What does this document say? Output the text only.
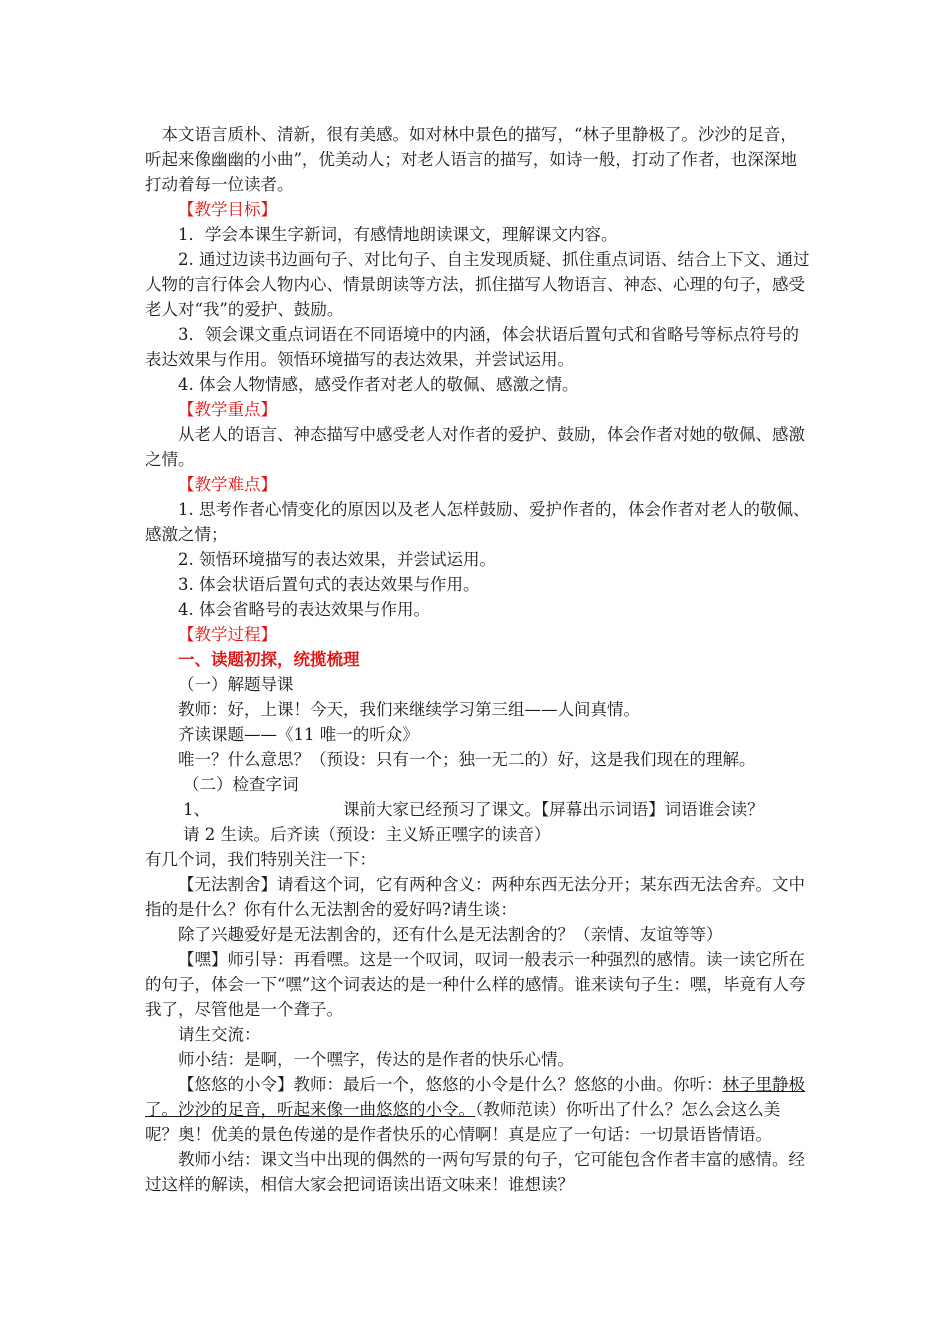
本文语言质朴、清新，很有美感。如对林中景色的描写，“林子里静极了。沙沙的足音，听起来像幽幽的小曲”，优美动人；对老人语言的描写，如诗一般，打动了作者，也深深地打动着每一位读者。

【教学目标】

1．学会本课生字新词，有感情地朗读课文，理解课文内容。

2. 通过边读书边画句子、对比句子、自主发现质疑、抓住重点词语、结合上下文、通过人物的言行体会人物内心、情景朗读等方法，抓住描写人物语言、神态、心理的句子，感受老人对“我”的爱护、鼓励。

3．领会课文重点词语在不同语境中的内涵，体会状语后置句式和省略号等标点符号的表达效果与作用。领悟环境描写的表达效果，并尝试运用。

4. 体会人物情感，感受作者对老人的敬佩、感激之情。

【教学重点】

从老人的语言、神态描写中感受老人对作者的爱护、鼓励，体会作者对她的敬佩、感激之情。

【教学难点】

1. 思考作者心情变化的原因以及老人怎样鼓励、爱护作者的，体会作者对老人的敬佩、感激之情；

2. 领悟环境描写的表达效果，并尝试运用。

3. 体会状语后置句式的表达效果与作用。

4. 体会省略号的表达效果与作用。

【教学过程】

一、读题初探，统揽梳理

（一）解题导课

教师：好，上课！今天，我们来继续学习第三组——人间真情。

齐读课题——《11 唯一的听众》

唯一？什么意思？（预设：只有一个；独一无二的）好，这是我们现在的理解。

（二）检查字词

1、	课前大家已经预习了课文。【屏幕出示词语】词语谁会读？

请 2 生读。后齐读（预设：主义矫正嘿字的读音）

有几个词，我们特别关注一下：

【无法割舍】请看这个词，它有两种含义：两种东西无法分开；某东西无法舍弃。文中指的是什么？你有什么无法割舍的爱好吗?请生谈：

除了兴趣爱好是无法割舍的，还有什么是无法割舍的？（亲情、友谊等等）

【嘿】师引导：再看嘿。这是一个叹词，叹词一般表示一种强烈的感情。读一读它所在的句子，体会一下“嘿”这个词表达的是一种什么样的感情。谁来读句子生：嘿，毕竟有人夸我了，尽管他是一个聋子。

请生交流：

师小结：是啊，一个嘿字，传达的是作者的快乐心情。

【悠悠的小令】教师：最后一个，悠悠的小令是什么？悠悠的小曲。你听：林子里静极了。沙沙的足音，听起来像一曲悠悠的小令。（教师范读）你听出了什么？怎么会这么美呢？奥！优美的景色传递的是作者快乐的心情啊！真是应了一句话：一切景语皆情语。

教师小结：课文当中出现的偶然的一两句写景的句子，它可能包含作者丰富的感情。经过这样的解读，相信大家会把词语读出语文味来！谁想读？
